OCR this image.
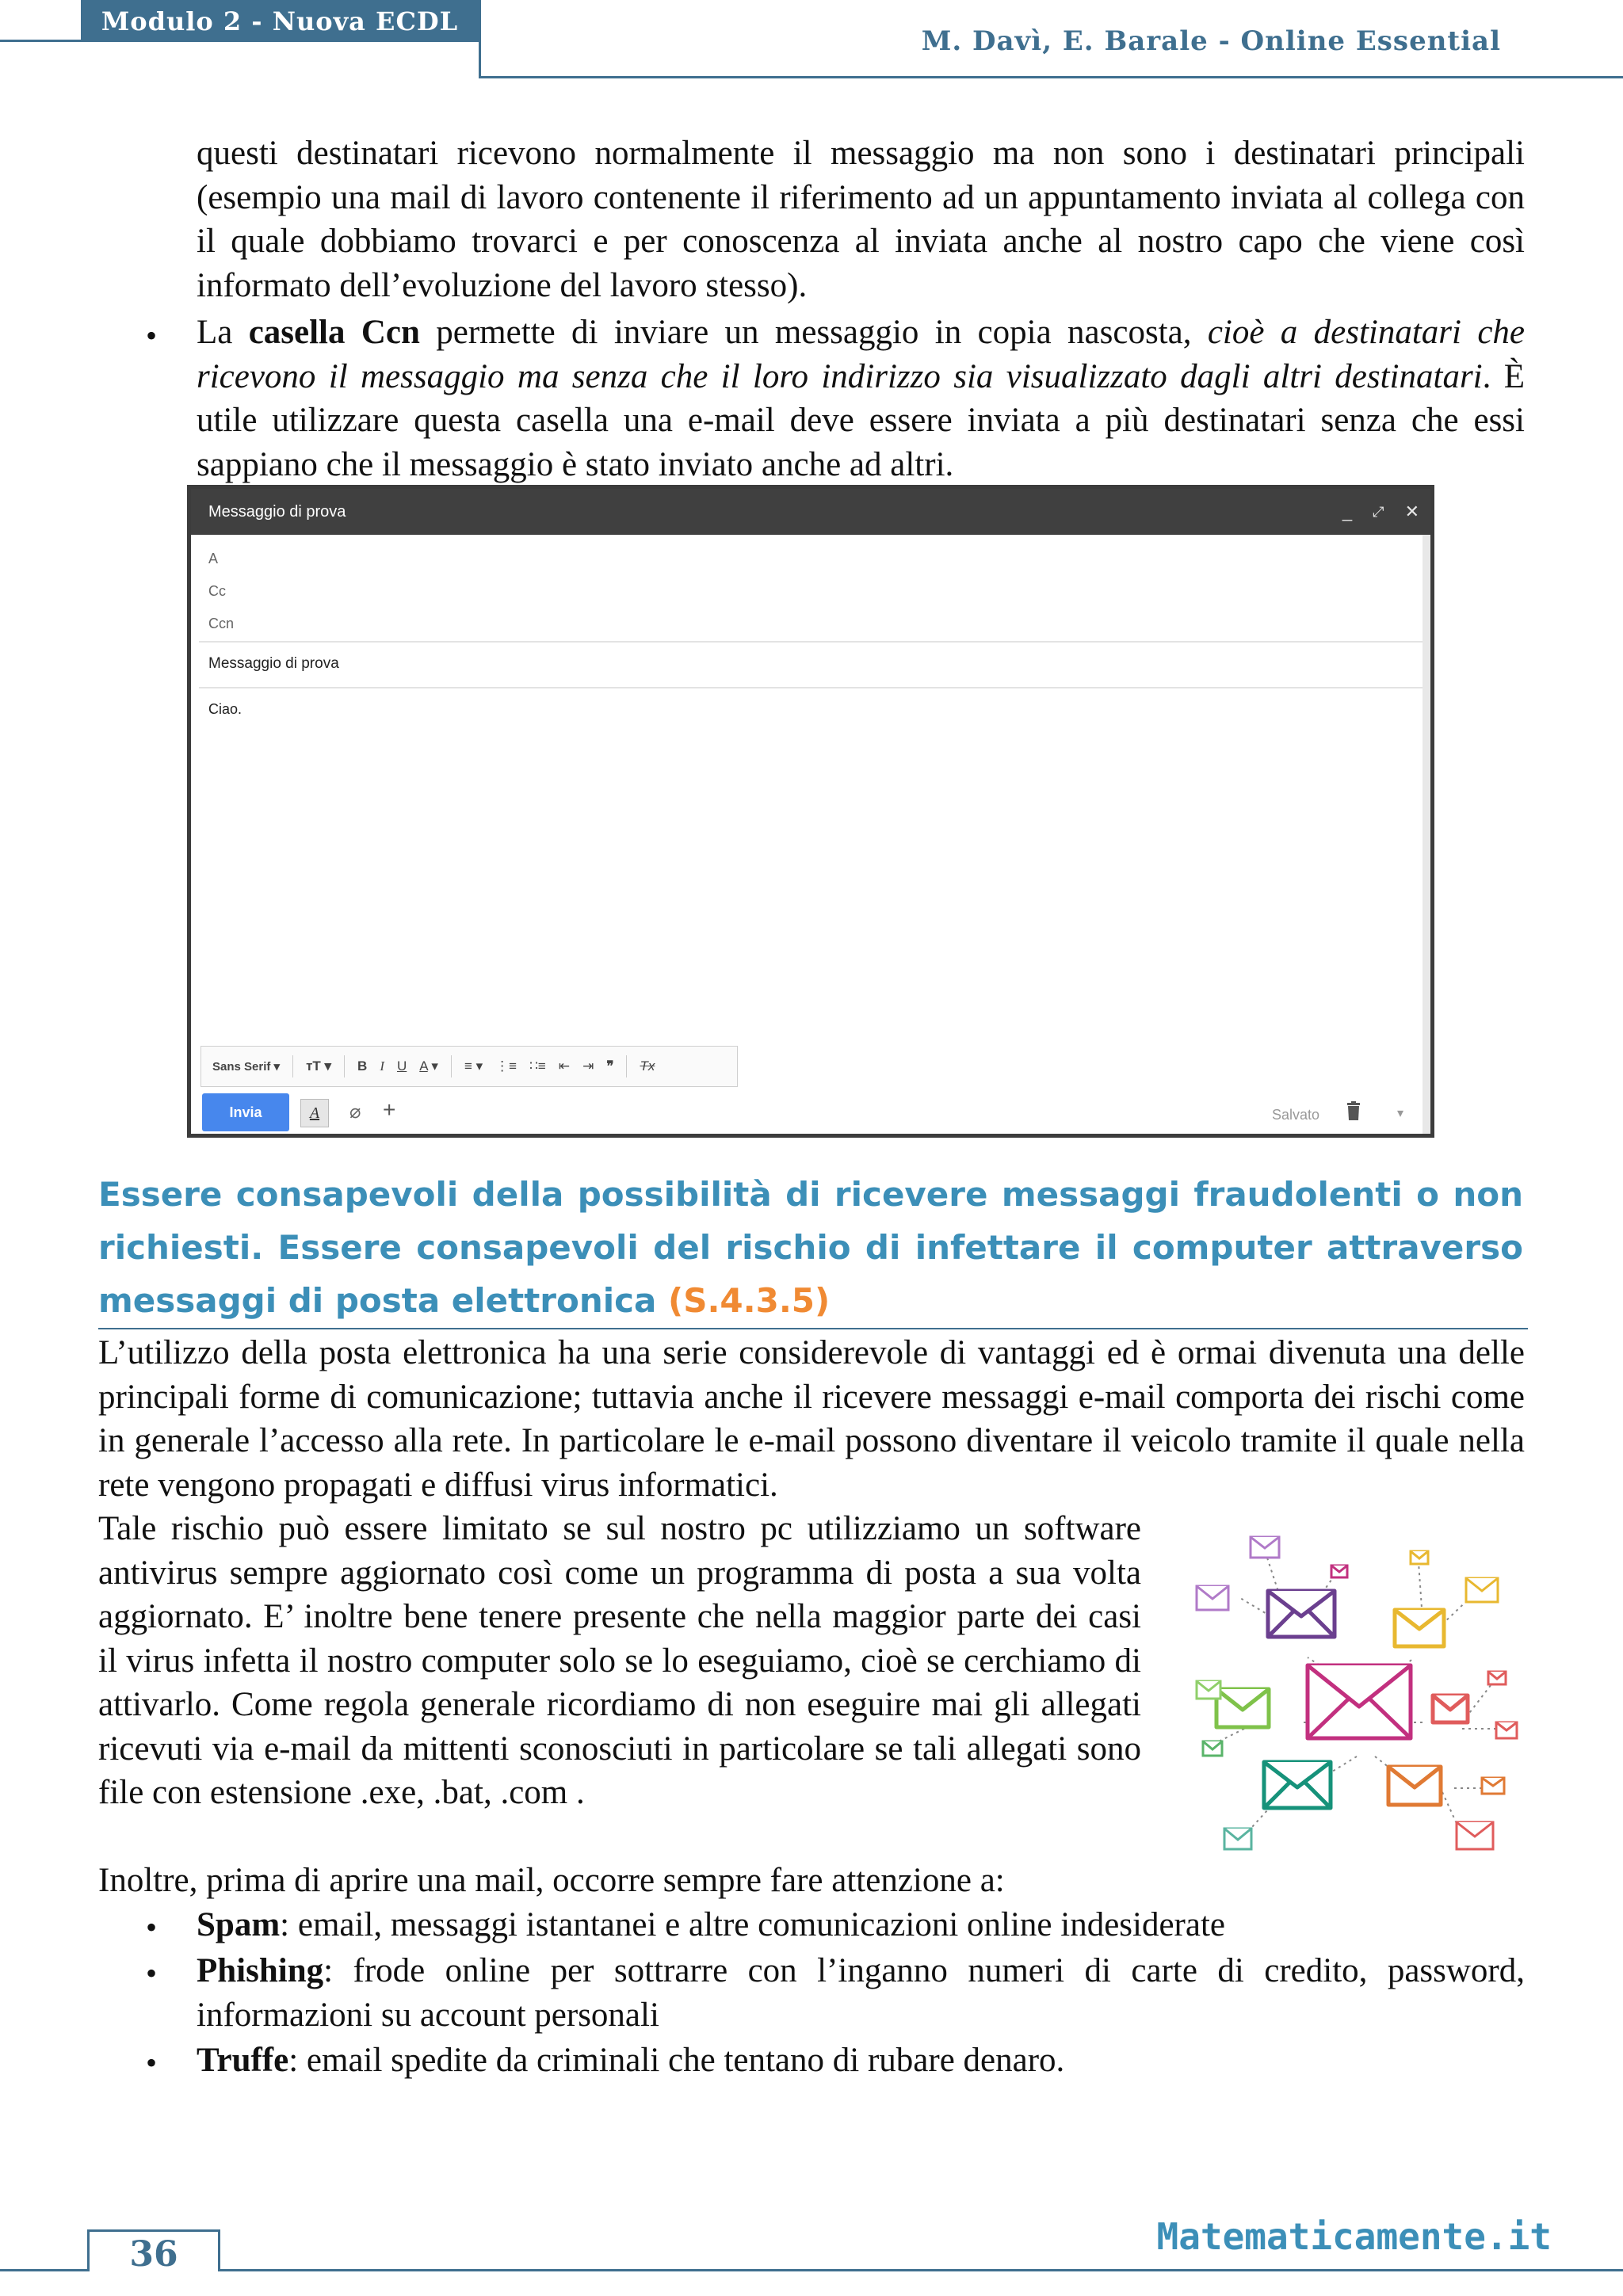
Modulo 2 - Nuova ECDL
M. Davì, E. Barale - Online Essential

questi destinatari ricevono normalmente il messaggio ma non sono i destinatari principali (esempio una mail di lavoro contenente il riferimento ad un appuntamento inviata al collega con il quale dobbiamo trovarci e per conoscenza al inviata anche al nostro capo che viene così informato dell’evoluzione del lavoro stesso).

• La casella Ccn permette di inviare un messaggio in copia nascosta, cioè a destinatari che ricevono il messaggio ma senza che il loro indirizzo sia visualizzato dagli altri destinatari. È utile utilizzare questa casella una e-mail deve essere inviata a più destinatari senza che essi sappiano che il messaggio è stato inviato anche ad altri.

Messaggio di prova	_ ⤢ ✕
A
Cc
Ccn
Messaggio di prova
Ciao.
Sans Serif ▾ ᴛT ▾ B I U A ▾ ≡ ▾ ⋮≡ ∷≡ ⇤ ⇥ ❞ Tx
Invia	A	⌀ +	Salvato	▾
Essere consapevoli della possibilità di ricevere messaggi fraudolenti o non richiesti. Essere consapevoli del rischio di infettare il computer attraverso messaggi di posta elettronica (S.4.3.5)

L’utilizzo della posta elettronica ha una serie considerevole di vantaggi ed è ormai divenuta una delle principali forme di comunicazione; tuttavia anche il ricevere messaggi e-mail comporta dei rischi come in generale l’accesso alla rete. In particolare le e-mail possono diventare il veicolo tramite il quale nella rete vengono propagati e diffusi virus informatici.

Tale rischio può essere limitato se sul nostro pc utilizziamo un software antivirus sempre aggiornato così come un programma di posta a sua volta aggiornato. E’ inoltre bene tenere presente che nella maggior parte dei casi il virus infetta il nostro computer solo se lo eseguiamo, cioè se cerchiamo di attivarlo. Come regola generale ricordiamo di non eseguire mai gli allegati ricevuti via e-mail da mittenti sconosciuti in particolare se tali allegati sono file con estensione .exe, .bat, .com .

Inoltre, prima di aprire una mail, occorre sempre fare attenzione a:

• Spam: email, messaggi istantanei e altre comunicazioni online indesiderate

• Phishing: frode online per sottrarre con l’inganno numeri di carte di credito, password, informazioni su account personali

• Truffe: email spedite da criminali che tentano di rubare denaro.

36	Matematicamente.it
